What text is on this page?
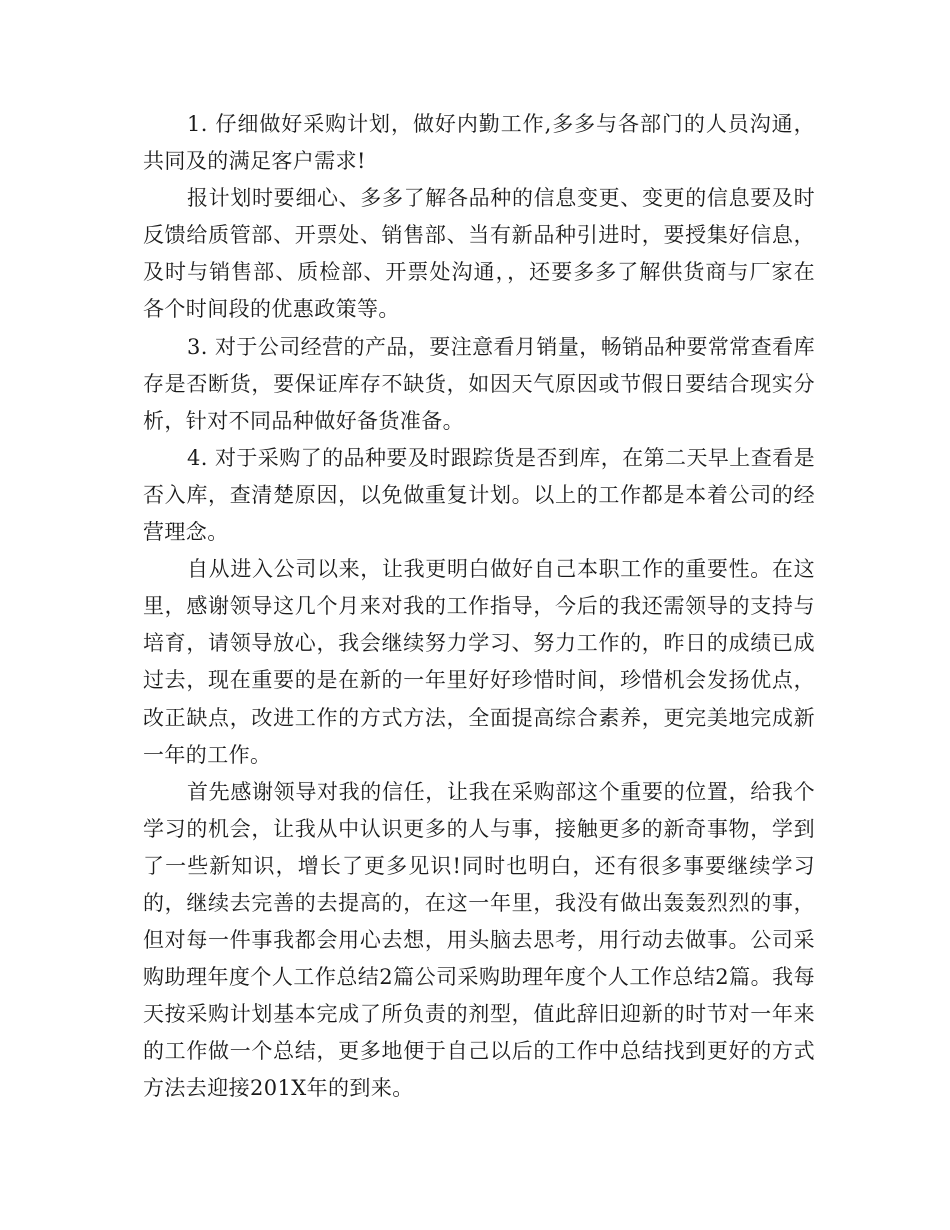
1. 仔细做好采购计划，做好内勤工作,多多与各部门的人员沟通，共同及的满足客户需求!

报计划时要细心、多多了解各品种的信息变更、变更的信息要及时反馈给质管部、开票处、销售部、当有新品种引进时，要授集好信息，及时与销售部、质检部、开票处沟通，，还要多多了解供货商与厂家在各个时间段的优惠政策等。

3. 对于公司经营的产品，要注意看月销量，畅销品种要常常查看库存是否断货，要保证库存不缺货，如因天气原因或节假日要结合现实分析，针对不同品种做好备货准备。

4. 对于采购了的品种要及时跟踪货是否到库，在第二天早上查看是否入库，查清楚原因，以免做重复计划。以上的工作都是本着公司的经营理念。

自从进入公司以来，让我更明白做好自己本职工作的重要性。在这里，感谢领导这几个月来对我的工作指导，今后的我还需领导的支持与培育，请领导放心，我会继续努力学习、努力工作的，昨日的成绩已成过去，现在重要的是在新的一年里好好珍惜时间，珍惜机会发扬优点，改正缺点，改进工作的方式方法，全面提高综合素养，更完美地完成新一年的工作。

首先感谢领导对我的信任，让我在采购部这个重要的位置，给我个学习的机会，让我从中认识更多的人与事，接触更多的新奇事物，学到了一些新知识，增长了更多见识!同时也明白，还有很多事要继续学习的，继续去完善的去提高的，在这一年里，我没有做出轰轰烈烈的事，但对每一件事我都会用心去想，用头脑去思考，用行动去做事。公司采购助理年度个人工作总结2篇公司采购助理年度个人工作总结2篇。我每天按采购计划基本完成了所负责的剂型，值此辞旧迎新的时节对一年来的工作做一个总结，更多地便于自己以后的工作中总结找到更好的方式方法去迎接201X年的到来。
